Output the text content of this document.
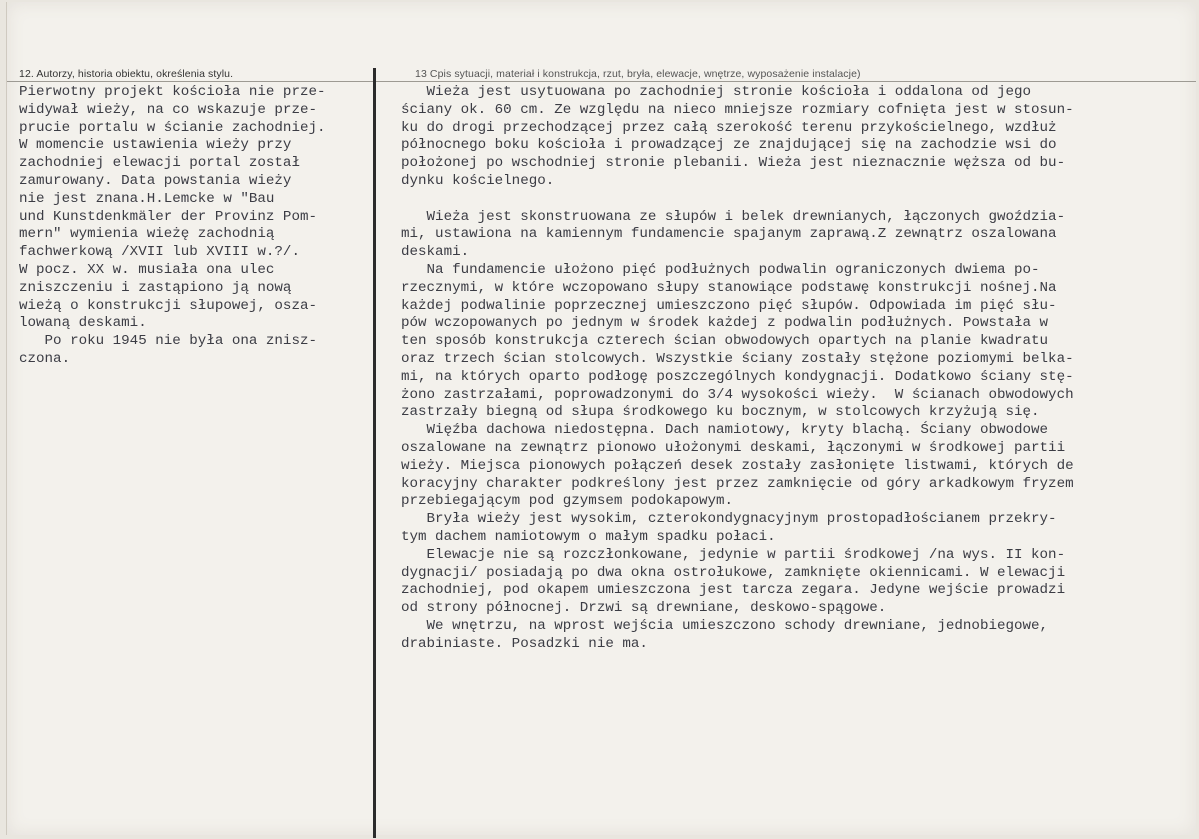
12. Autorzy, historia obiektu, określenia stylu.	13 Cpis sytuacji, materiał i konstrukcja, rzut, bryła, elewacje, wnętrze, wyposażenie instalacje)
Pierwotny projekt kościoła nie prze-
widywał wieży, na co wskazuje prze-
prucie portalu w ścianie zachodniej.
W momencie ustawienia wieży przy
zachodniej elewacji portal został
zamurowany. Data powstania wieży
nie jest znana.H.Lemcke w "Bau
und Kunstdenkmäler der Provinz Pom-
mern" wymienia wieżę zachodnią
fachwerkową /XVII lub XVIII w.?/.
W pocz. XX w. musiała ona ulec
zniszczeniu i zastąpiono ją nową
wieżą o konstrukcji słupowej, osza-
lowaną deskami.
Po roku 1945 nie była ona znisz-
czona.
Wieża jest usytuowana po zachodniej stronie kościoła i oddalona od jego
ściany ok. 60 cm. Ze względu na nieco mniejsze rozmiary cofnięta jest w stosun-
ku do drogi przechodzącej przez całą szerokość terenu przykościelnego, wzdłuż
północnego boku kościoła i prowadzącej ze znajdującej się na zachodzie wsi do
położonej po wschodniej stronie plebanii. Wieża jest nieznacznie węższa od bu-
dynku kościelnego.
Wieża jest skonstruowana ze słupów i belek drewnianych, łączonych gwoździa-
mi, ustawiona na kamiennym fundamencie spajanym zaprawą.Z zewnątrz oszalowana
deskami.
Na fundamencie ułożono pięć podłużnych podwalin ograniczonych dwiema po-
rzecznymi, w które wczopowano słupy stanowiące podstawę konstrukcji nośnej.Na
każdej podwalinie poprzecznej umieszczono pięć słupów. Odpowiada im pięć słu-
pów wczopowanych po jednym w środek każdej z podwalin podłużnych. Powstała w
ten sposób konstrukcja czterech ścian obwodowych opartych na planie kwadratu
oraz trzech ścian stolcowych. Wszystkie ściany zostały stężone poziomymi belka-
mi, na których oparto podłogę poszczególnych kondygnacji. Dodatkowo ściany stę-
żono zastrzałami, poprowadzonymi do 3/4 wysokości wieży.  W ścianach obwodowych
zastrzały biegną od słupa środkowego ku bocznym, w stolcowych krzyżują się.
Więźba dachowa niedostępna. Dach namiotowy, kryty blachą. Ściany obwodowe
oszalowane na zewnątrz pionowo ułożonymi deskami, łączonymi w środkowej partii
wieży. Miejsca pionowych połączeń desek zostały zasłonięte listwami, których de
koracyjny charakter podkreślony jest przez zamknięcie od góry arkadkowym fryzem
przebiegającym pod gzymsem podokapowym.
Bryła wieży jest wysokim, czterokondygnacyjnym prostopadłościanem przekry-
tym dachem namiotowym o małym spadku połaci.
Elewacje nie są rozczłonkowane, jedynie w partii środkowej /na wys. II kon-
dygnacji/ posiadają po dwa okna ostrołukowe, zamknięte okiennicami. W elewacji
zachodniej, pod okapem umieszczona jest tarcza zegara. Jedyne wejście prowadzi
od strony północnej. Drzwi są drewniane, deskowo-spągowe.
We wnętrzu, na wprost wejścia umieszczono schody drewniane, jednobiegowe,
drabiniaste. Posadzki nie ma.
